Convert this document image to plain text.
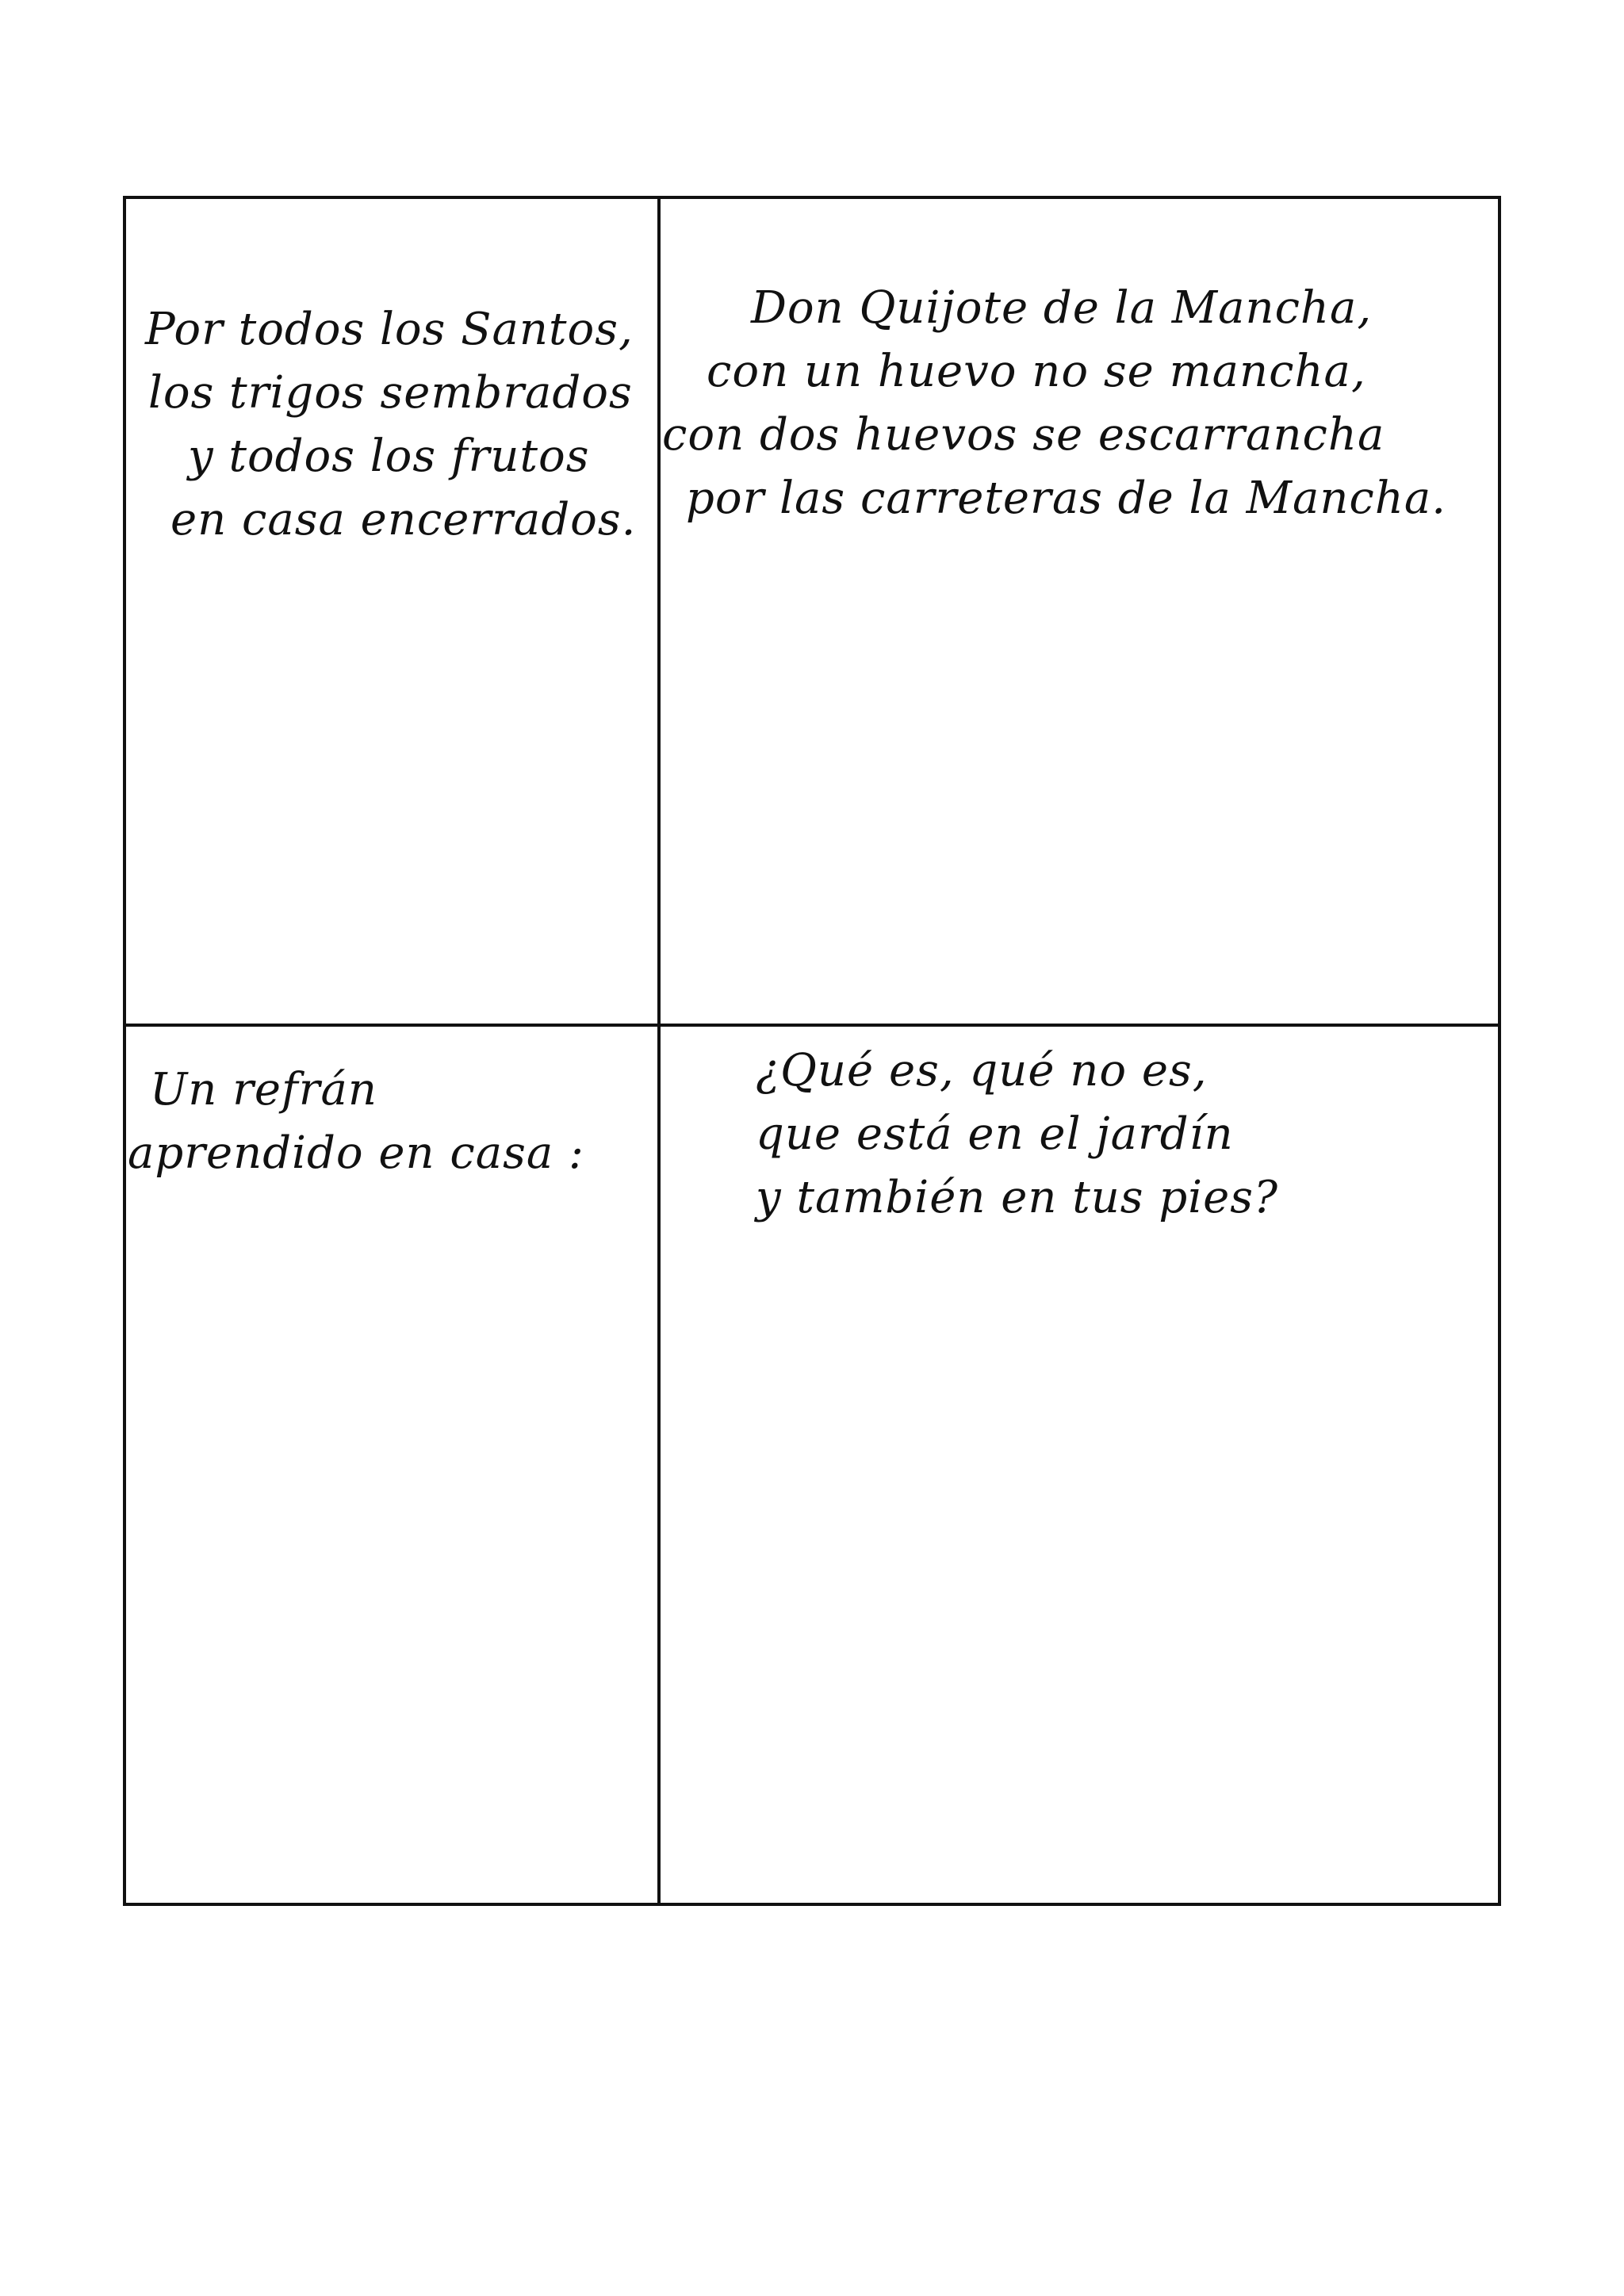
Por todos los Santos,
los trigos sembrados
y todos los frutos
en casa encerrados.
Don Quijote de la Mancha,
con un huevo no se mancha,
con dos huevos se escarrancha
por las carreteras de la Mancha.
Un refrán
aprendido en casa :
¿Qué es, qué no es,
que está en el jardín
y también en tus pies?
